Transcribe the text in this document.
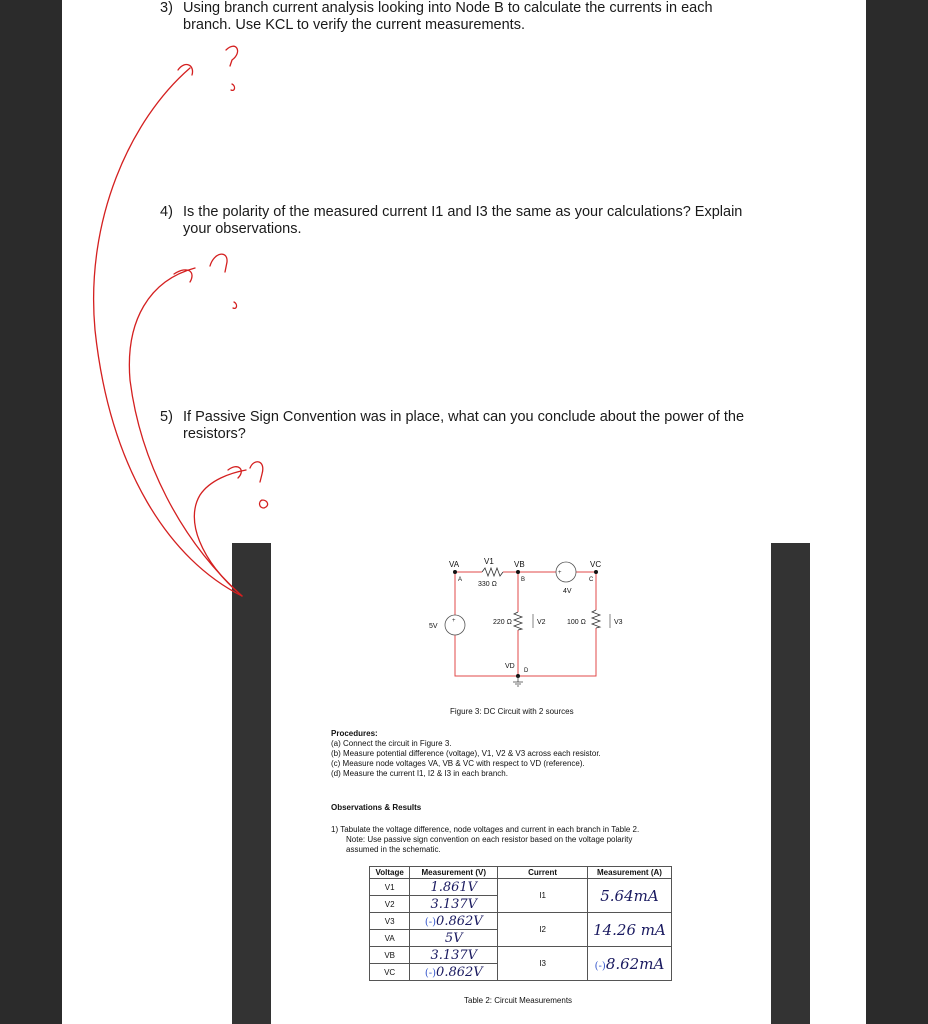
3) Using branch current analysis looking into Node B to calculate the currents in each
branch. Use KCL to verify the current measurements.
4) Is the polarity of the measured current I1 and I3 the same as your calculations? Explain
your observations.
5) If Passive Sign Convention was in place, what can you conclude about the power of the
resistors?
+
+
VA	V1	VB	VC
A	B	C
330 Ω
4V
5V
220 Ω	V2	100 Ω	V3
VD
D
Figure 3: DC Circuit with 2 sources
Procedures:
(a) Connect the circuit in Figure 3.
(b) Measure potential difference (voltage), V1, V2 & V3 across each resistor.
(c) Measure node voltages VA, VB & VC with respect to VD (reference).
(d) Measure the current I1, I2 & I3 in each branch.
Observations & Results
1) Tabulate the voltage difference, node voltages and current in each branch in Table 2.
Note: Use passive sign convention on each resistor based on the voltage polarity
assumed in the schematic.
Voltage	Measurement (V)	Current	Measurement (A)
V1	1.861V	I1	5.64mA
V2	3.137V		
V3	(-)0.862V	I2	14.26 mA
VA	5V		
VB	3.137V	I3	(-)8.62mA
VC	(-)0.862V		
Table 2: Circuit Measurements
